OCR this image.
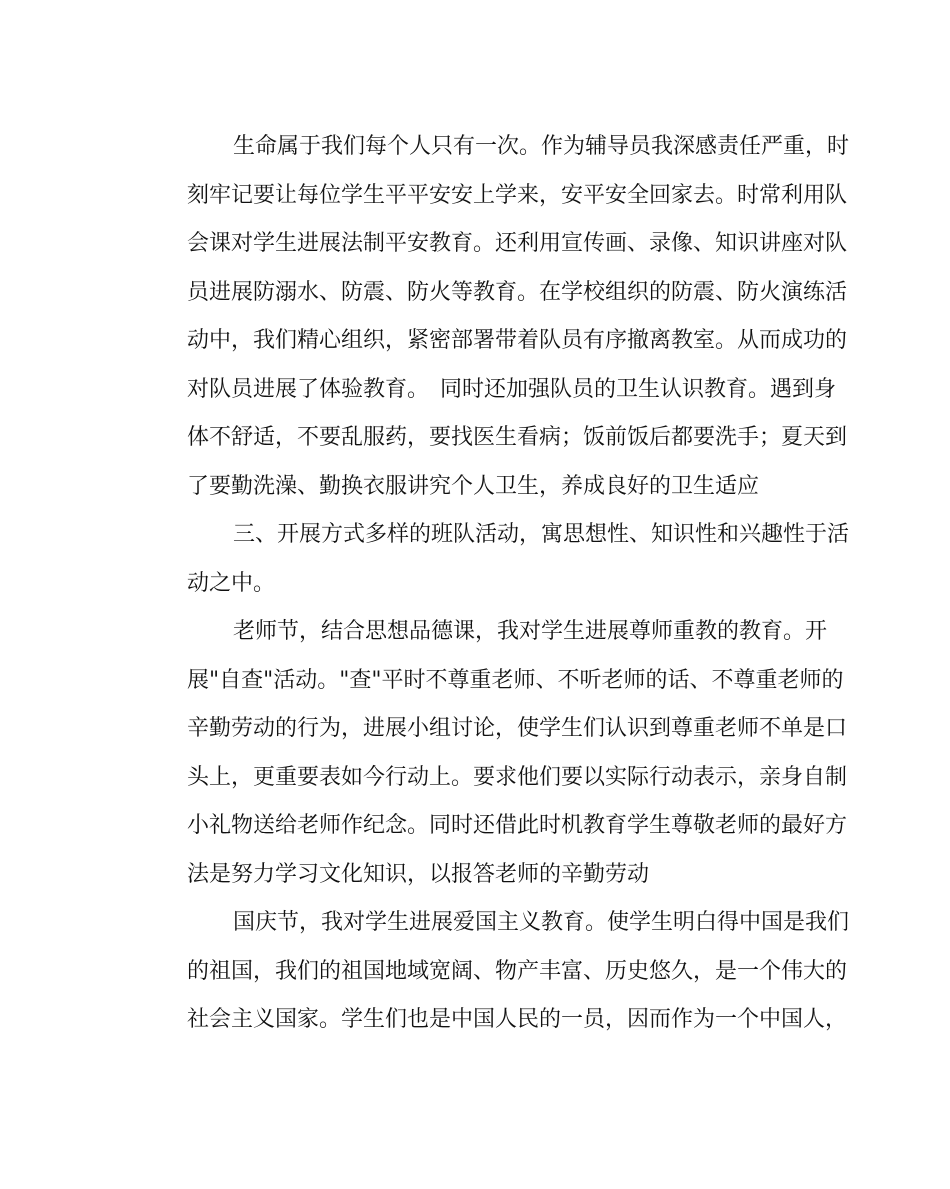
生命属于我们每个人只有一次。作为辅导员我深感责任严重，时
刻牢记要让每位学生平平安安上学来，安平安全回家去。时常利用队
会课对学生进展法制平安教育。还利用宣传画、录像、知识讲座对队
员进展防溺水、防震、防火等教育。在学校组织的防震、防火演练活
动中，我们精心组织，紧密部署带着队员有序撤离教室。从而成功的
对队员进展了体验教育。　同时还加强队员的卫生认识教育。遇到身
体不舒适，不要乱服药，要找医生看病；饭前饭后都要洗手；夏天到
了要勤洗澡、勤换衣服讲究个人卫生，养成良好的卫生适应
三、开展方式多样的班队活动，寓思想性、知识性和兴趣性于活
动之中。
老师节，结合思想品德课，我对学生进展尊师重教的教育。开
展"自查"活动。"查"平时不尊重老师、不听老师的话、不尊重老师的
辛勤劳动的行为，进展小组讨论，使学生们认识到尊重老师不单是口
头上，更重要表如今行动上。要求他们要以实际行动表示，亲身自制
小礼物送给老师作纪念。同时还借此时机教育学生尊敬老师的最好方
法是努力学习文化知识，以报答老师的辛勤劳动
国庆节，我对学生进展爱国主义教育。使学生明白得中国是我们
的祖国，我们的祖国地域宽阔、物产丰富、历史悠久，是一个伟大的
社会主义国家。学生们也是中国人民的一员，因而作为一个中国人，
